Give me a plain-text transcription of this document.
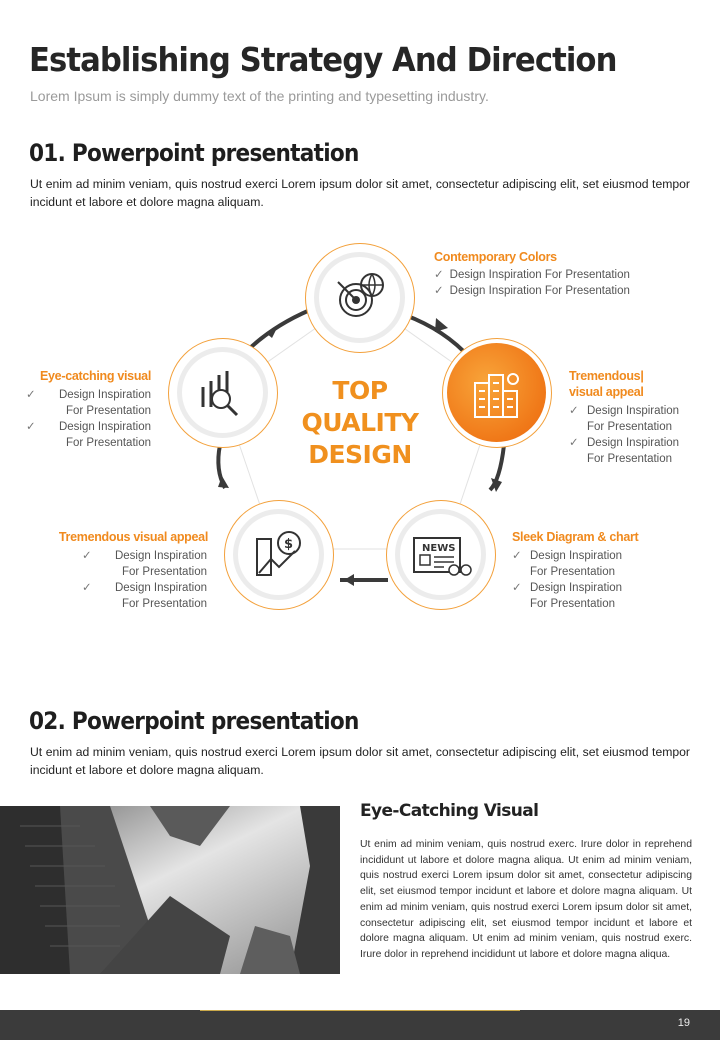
Establishing Strategy And Direction
Lorem Ipsum is simply dummy text of the printing and typesetting industry.
01. Powerpoint presentation
Ut enim ad minim veniam, quis nostrud exerci Lorem ipsum dolor sit amet, consectetur adipiscing elit, set eiusmod tempor incidunt et labore et dolore magna aliquam.
NEWS
$
TOP
QUALITY
DESIGN
Contemporary Colors
✓ Design Inspiration For Presentation
✓ Design Inspiration For Presentation
Tremendous| visual appeal
✓ Design Inspiration For Presentation
✓ Design Inspiration For Presentation
Sleek Diagram & chart
✓ Design Inspiration For Presentation
✓ Design Inspiration For Presentation
Tremendous visual appeal
✓ Design Inspiration For Presentation
✓ Design Inspiration For Presentation
Eye-catching visual
✓ Design Inspiration For Presentation
✓ Design Inspiration For Presentation
02. Powerpoint presentation
Ut enim ad minim veniam, quis nostrud exerci Lorem ipsum dolor sit amet, consectetur adipiscing elit, set eiusmod tempor incidunt et labore et dolore magna aliquam.
Eye-Catching Visual
Ut enim ad minim veniam, quis nostrud exerc. Irure dolor in reprehend incididunt ut labore et dolore magna aliqua. Ut enim ad minim veniam, quis nostrud exerci Lorem ipsum dolor sit amet, consectetur adipiscing elit, set eiusmod tempor incidunt et labore et dolore magna aliquam. Ut enim ad minim veniam, quis nostrud exerci Lorem ipsum dolor sit amet, consectetur adipiscing elit, set eiusmod tempor incidunt et labore et dolore magna aliquam. Ut enim ad minim veniam, quis nostrud exerc. Irure dolor in reprehend incididunt ut labore et dolore magna aliqua.
19
